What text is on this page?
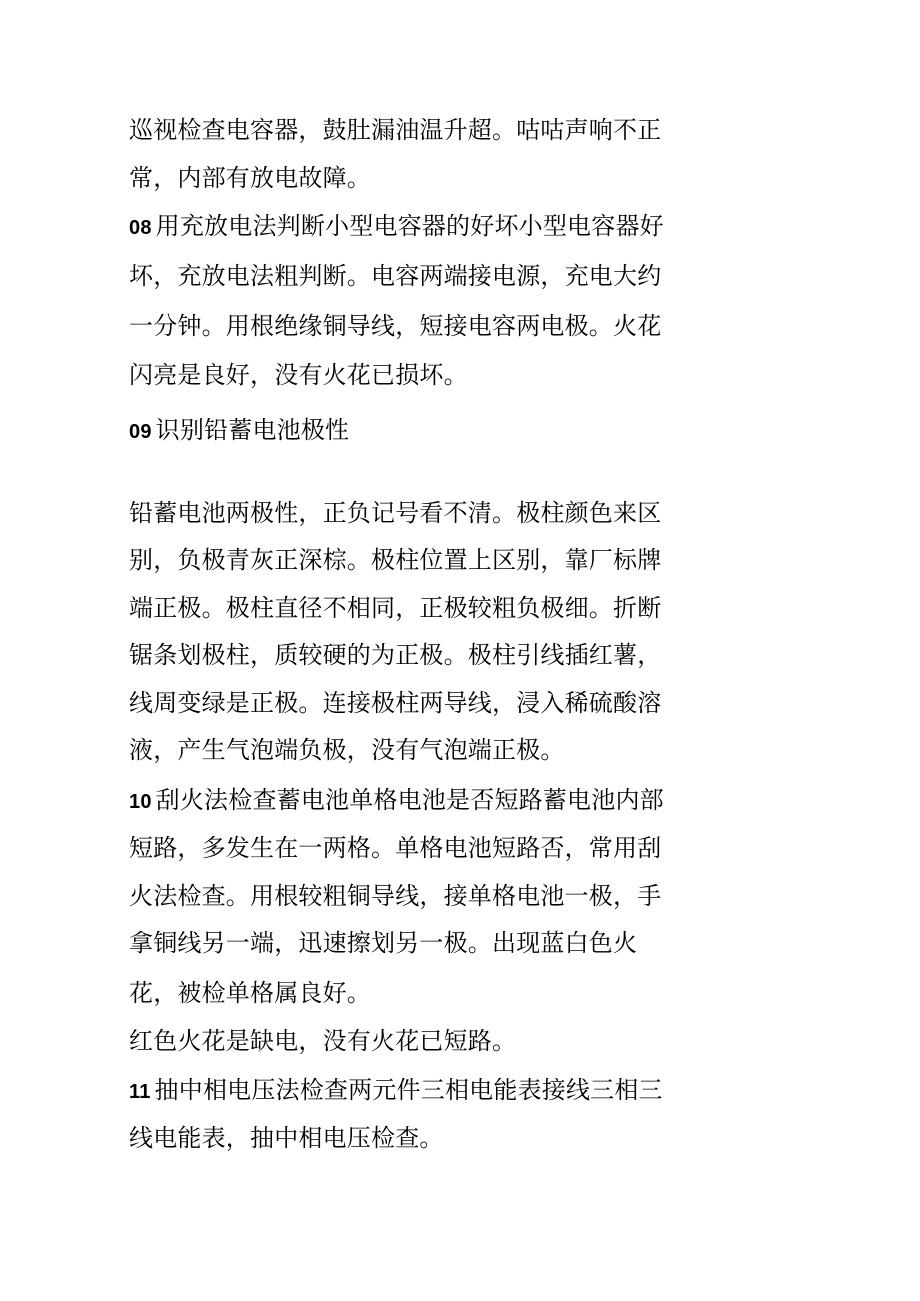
巡视检查电容器，鼓肚漏油温升超。咕咕声响不正
常，内部有放电故障。
08 用充放电法判断小型电容器的好坏小型电容器好
坏，充放电法粗判断。电容两端接电源，充电大约
一分钟。用根绝缘铜导线，短接电容两电极。火花
闪亮是良好，没有火花已损坏。
09 识别铅蓄电池极性
铅蓄电池两极性，正负记号看不清。极柱颜色来区
别，负极青灰正深棕。极柱位置上区别，靠厂标牌
端正极。极柱直径不相同，正极较粗负极细。折断
锯条划极柱，质较硬的为正极。极柱引线插红薯，
线周变绿是正极。连接极柱两导线，浸入稀硫酸溶
液，产生气泡端负极，没有气泡端正极。
10 刮火法检查蓄电池单格电池是否短路蓄电池内部
短路，多发生在一两格。单格电池短路否，常用刮
火法检查。用根较粗铜导线，接单格电池一极，手
拿铜线另一端，迅速擦划另一极。出现蓝白色火
花，被检单格属良好。
红色火花是缺电，没有火花已短路。
11 抽中相电压法检查两元件三相电能表接线三相三
线电能表，抽中相电压检查。
